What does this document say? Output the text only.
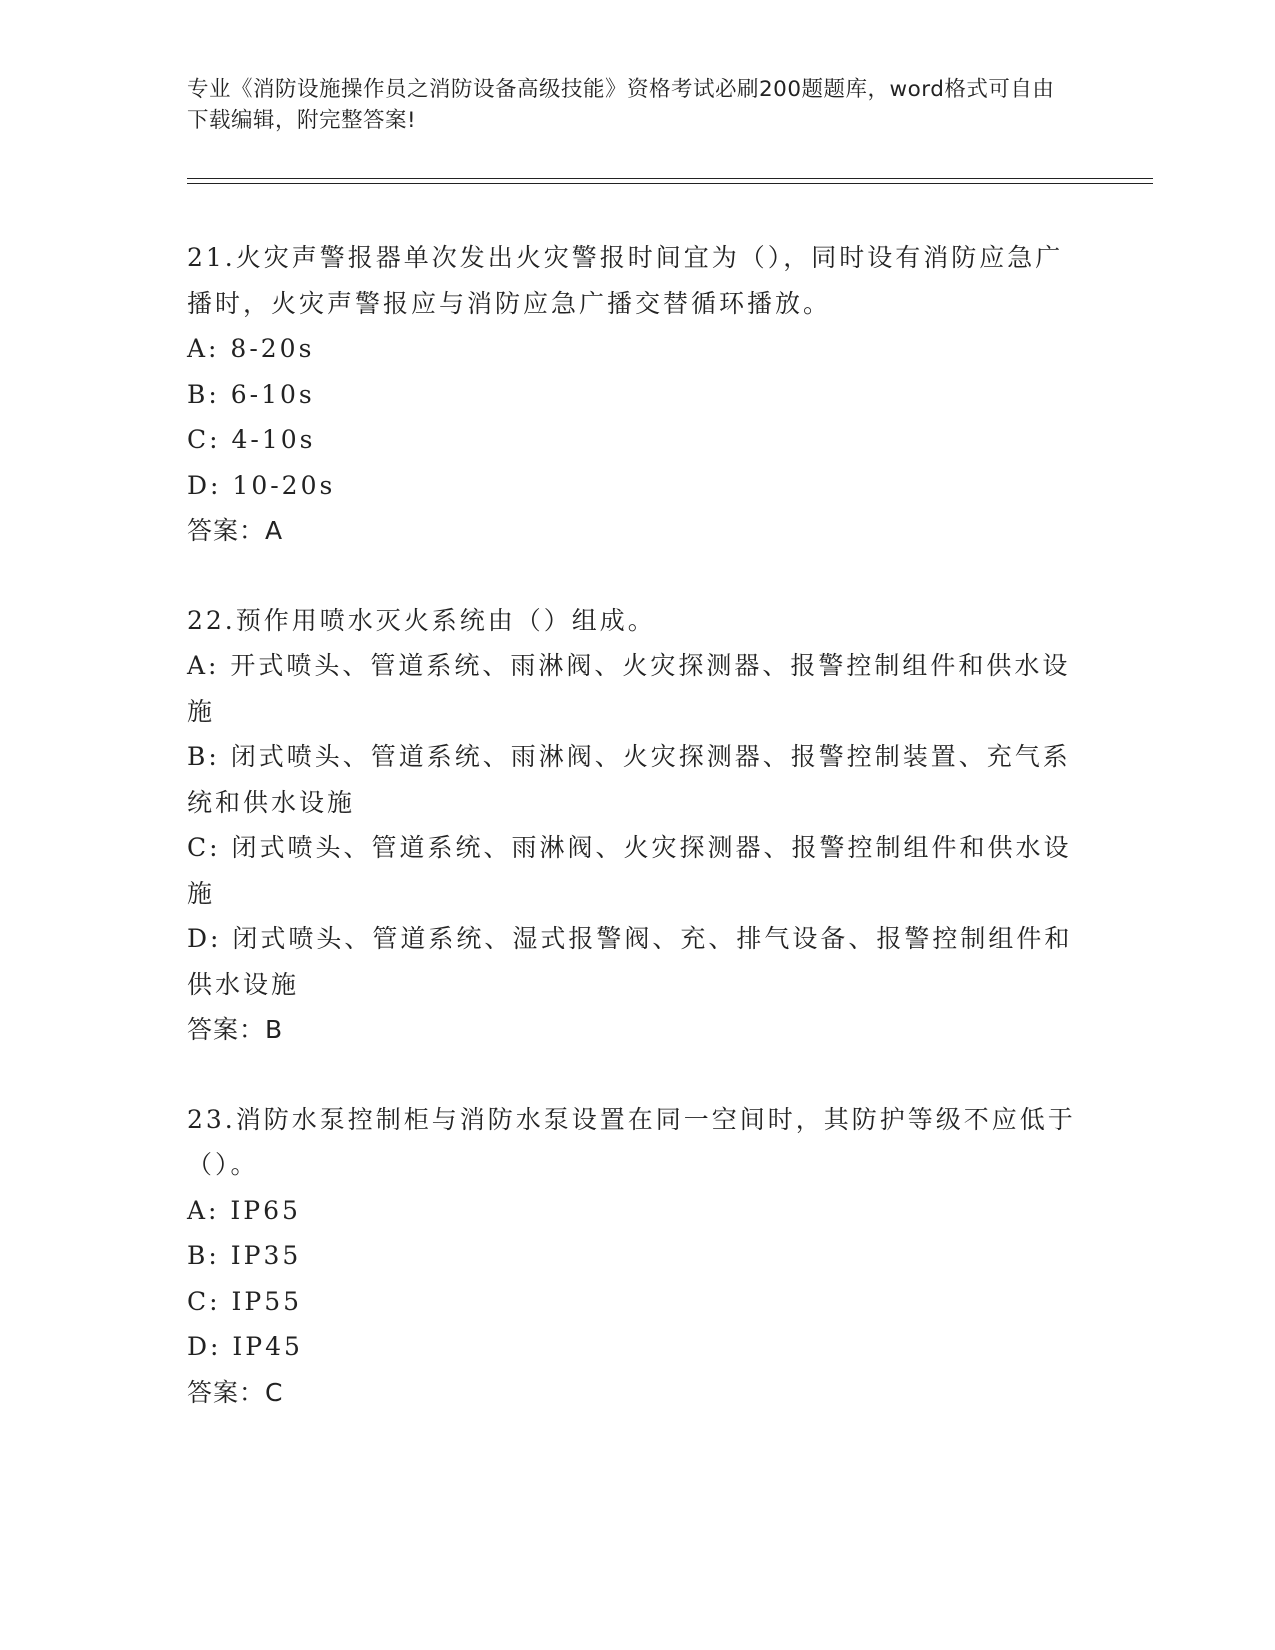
专业《消防设施操作员之消防设备高级技能》资格考试必刷200题题库，word格式可自由下载编辑，附完整答案!

21.火灾声警报器单次发出火灾警报时间宜为（），同时设有消防应急广播时，火灾声警报应与消防应急广播交替循环播放。

A: 8-20s

B: 6-10s

C: 4-10s

D: 10-20s

答案：A

22.预作用喷水灭火系统由（）组成。

A: 开式喷头、管道系统、雨淋阀、火灾探测器、报警控制组件和供水设施

B: 闭式喷头、管道系统、雨淋阀、火灾探测器、报警控制装置、充气系统和供水设施

C: 闭式喷头、管道系统、雨淋阀、火灾探测器、报警控制组件和供水设施

D: 闭式喷头、管道系统、湿式报警阀、充、排气设备、报警控制组件和供水设施

答案：B

23.消防水泵控制柜与消防水泵设置在同一空间时，其防护等级不应低于（）。

A: IP65

B: IP35

C: IP55

D: IP45

答案：C
